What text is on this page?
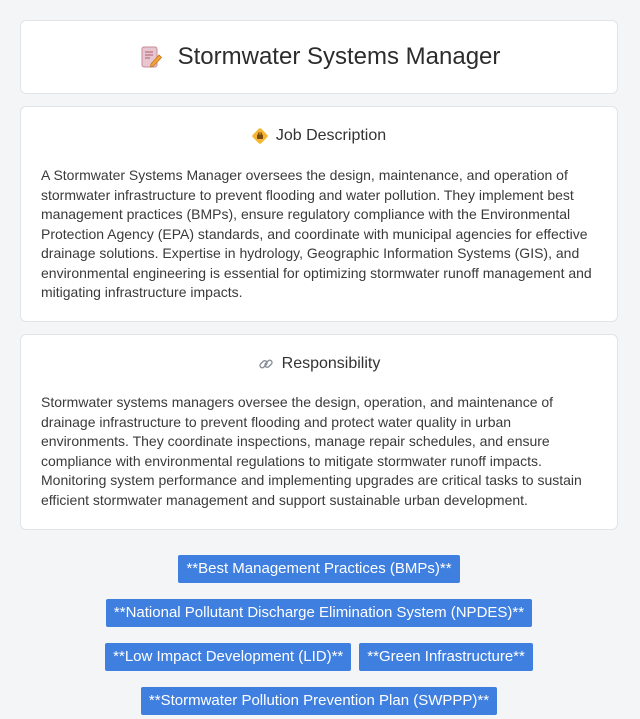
Stormwater Systems Manager
Job Description

A Stormwater Systems Manager oversees the design, maintenance, and operation of stormwater infrastructure to prevent flooding and water pollution. They implement best management practices (BMPs), ensure regulatory compliance with the Environmental Protection Agency (EPA) standards, and coordinate with municipal agencies for effective drainage solutions. Expertise in hydrology, Geographic Information Systems (GIS), and environmental engineering is essential for optimizing stormwater runoff management and mitigating infrastructure impacts.

Responsibility

Stormwater systems managers oversee the design, operation, and maintenance of drainage infrastructure to prevent flooding and protect water quality in urban environments. They coordinate inspections, manage repair schedules, and ensure compliance with environmental regulations to mitigate stormwater runoff impacts. Monitoring system performance and implementing upgrades are critical tasks to sustain efficient stormwater management and support sustainable urban development.

**Best Management Practices (BMPs)**
**National Pollutant Discharge Elimination System (NPDES)**
**Low Impact Development (LID)**	**Green Infrastructure**
**Stormwater Pollution Prevention Plan (SWPPP)**
